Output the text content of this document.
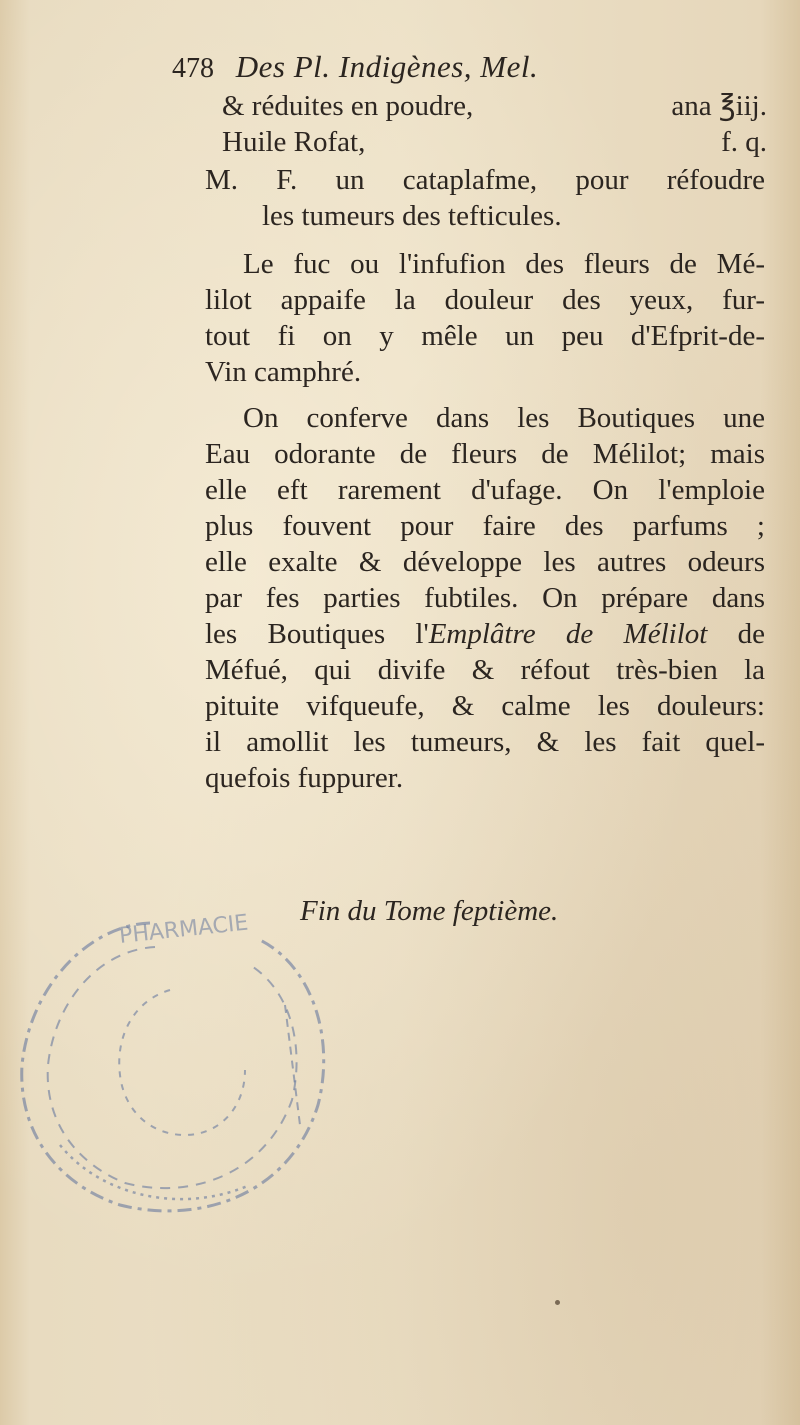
478 Des Pl. Indigènes, Mel.
& réduites en poudre,	ana ℥iij.
Huile Rofat,	f. q.
M. F. un cataplafme, pour réfoudre
les tumeurs des tefticules.
Le fuc ou l'infufion des fleurs de Mé-
lilot appaife la douleur des yeux, fur-
tout fi on y mêle un peu d'Efprit-de-
Vin camphré.
On conferve dans les Boutiques une
Eau odorante de fleurs de Mélilot; mais
elle eft rarement d'ufage. On l'emploie
plus fouvent pour faire des parfums ;
elle exalte & développe les autres odeurs
par fes parties fubtiles. On prépare dans
les Boutiques l'Emplâtre de Mélilot de
Méfué, qui divife & réfout très-bien la
pituite vifqueufe, & calme les douleurs:
il amollit les tumeurs, & les fait quel-
quefois fuppurer.
Fin du Tome feptième.
PHARMACIE
